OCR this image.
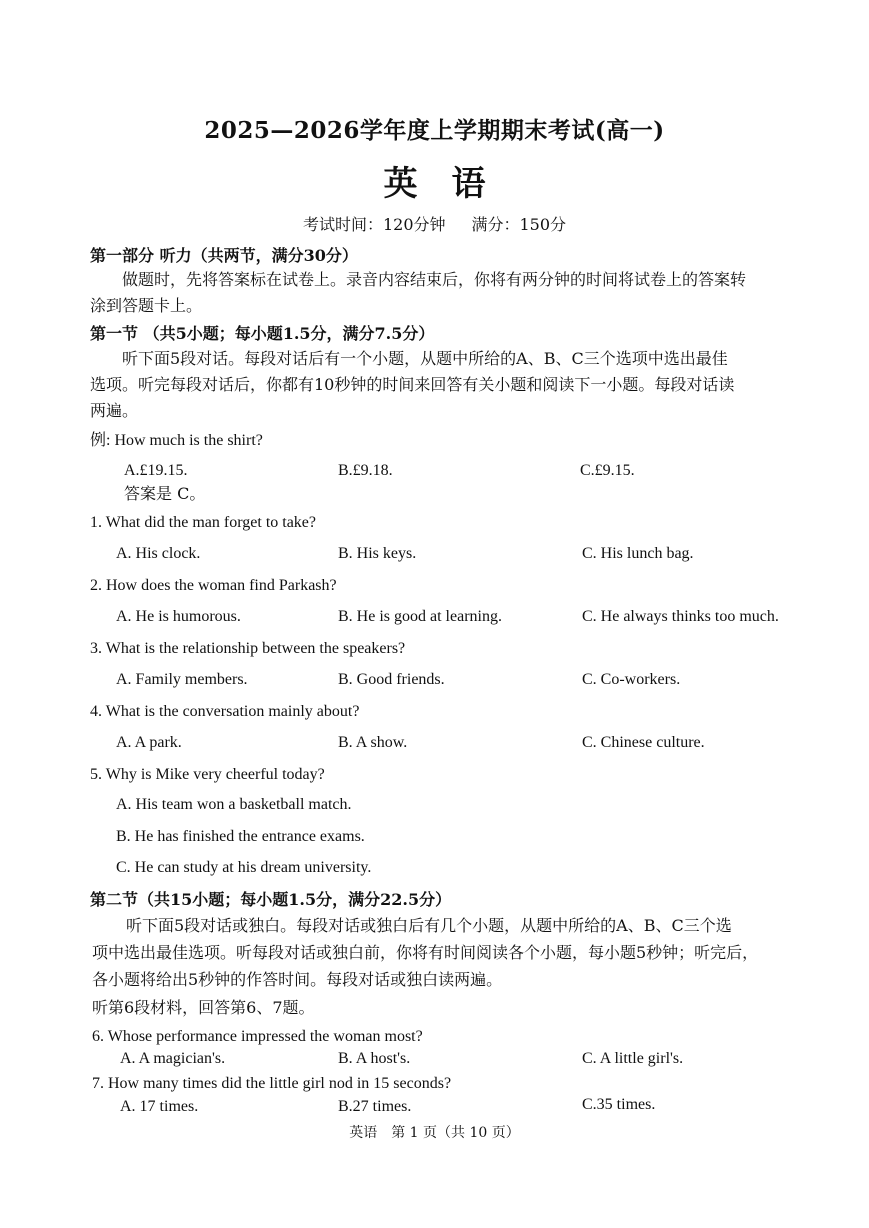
2025—2026学年度上学期期末考试(高一)
英　语
考试时间：120分钟 满分：150分
第一部分 听力（共两节，满分30分）
做题时，先将答案标在试卷上。录音内容结束后，你将有两分钟的时间将试卷上的答案转
涂到答题卡上。
第一节 （共5小题；每小题1.5分，满分7.5分）
听下面5段对话。每段对话后有一个小题，从题中所给的A、B、C三个选项中选出最佳
选项。听完每段对话后，你都有10秒钟的时间来回答有关小题和阅读下一小题。每段对话读
两遍。
例: How much is the shirt?
A.£19.15.	B.£9.18.	C.£9.15.
答案是 C。
1. What did the man forget to take?
A. His clock.	B. His keys.	C. His lunch bag.
2. How does the woman find Parkash?
A. He is humorous.	B. He is good at learning.	C. He always thinks too much.
3. What is the relationship between the speakers?
A. Family members.	B. Good friends.	C. Co-workers.
4. What is the conversation mainly about?
A. A park.	B. A show.	C. Chinese culture.
5. Why is Mike very cheerful today?
A. His team won a basketball match.
B. He has finished the entrance exams.
C. He can study at his dream university.
第二节（共15小题；每小题1.5分，满分22.5分）
听下面5段对话或独白。每段对话或独白后有几个小题，从题中所给的A、B、C三个选
项中选出最佳选项。听每段对话或独白前，你将有时间阅读各个小题，每小题5秒钟；听完后，
各小题将给出5秒钟的作答时间。每段对话或独白读两遍。
听第6段材料，回答第6、7题。
6. Whose performance impressed the woman most?
A. A magician's.	B. A host's.	C. A little girl's.
7. How many times did the little girl nod in 15 seconds?
A. 17 times.	B.27 times.	C.35 times.
英语　第 1 页（共 10 页）
